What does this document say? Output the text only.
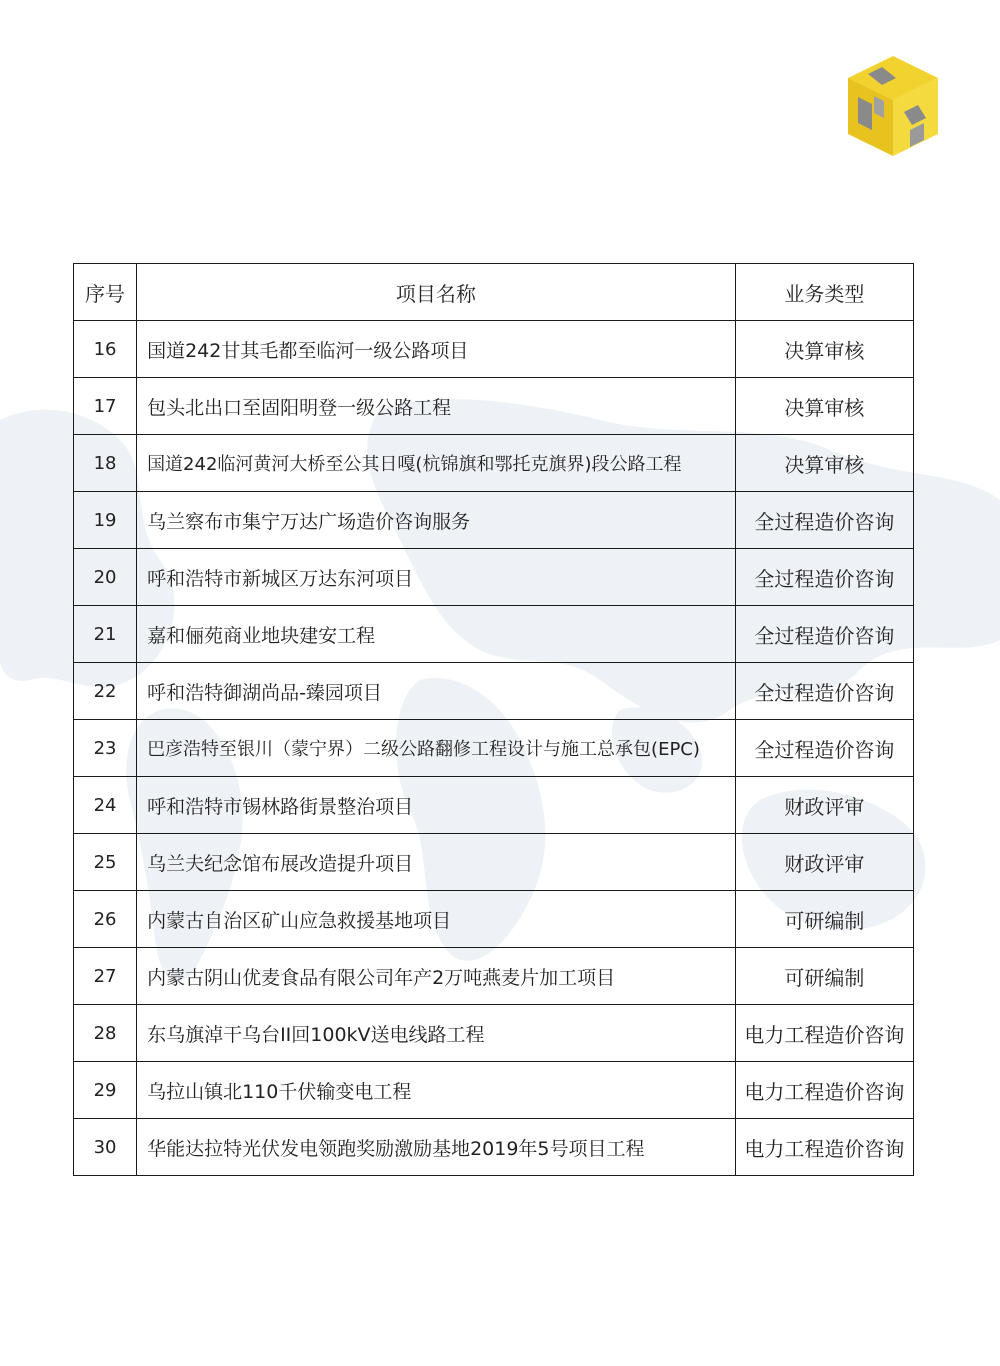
序号	项目名称	业务类型
16	国道242甘其毛都至临河一级公路项目	决算审核
17	包头北出口至固阳明登一级公路工程	决算审核
18	国道242临河黄河大桥至公其日嘎(杭锦旗和鄂托克旗界)段公路工程	决算审核
19	乌兰察布市集宁万达广场造价咨询服务	全过程造价咨询
20	呼和浩特市新城区万达东河项目	全过程造价咨询
21	嘉和俪苑商业地块建安工程	全过程造价咨询
22	呼和浩特御湖尚品-臻园项目	全过程造价咨询
23	巴彦浩特至银川（蒙宁界）二级公路翻修工程设计与施工总承包(EPC)	全过程造价咨询
24	呼和浩特市锡林路街景整治项目	财政评审
25	乌兰夫纪念馆布展改造提升项目	财政评审
26	内蒙古自治区矿山应急救援基地项目	可研编制
27	内蒙古阴山优麦食品有限公司年产2万吨燕麦片加工项目	可研编制
28	东乌旗淖干乌台II回100kV送电线路工程	电力工程造价咨询
29	乌拉山镇北110千伏输变电工程	电力工程造价咨询
30	华能达拉特光伏发电领跑奖励激励基地2019年5号项目工程	电力工程造价咨询
